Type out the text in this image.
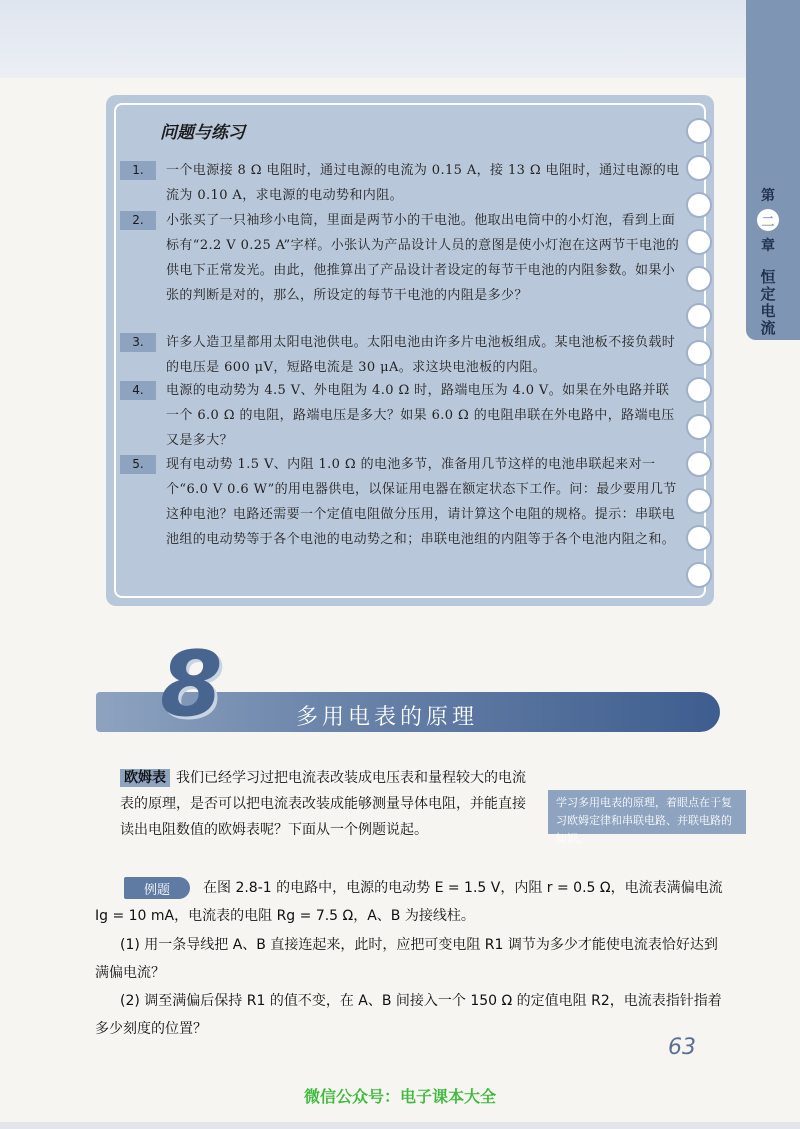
第
二
章
恒定电流
问题与练习
1.	一个电源接 8 Ω 电阻时，通过电源的电流为 0.15 A，接 13 Ω 电阻时，通过电源的电流为 0.10 A，求电源的电动势和内阻。
2.	小张买了一只袖珍小电筒，里面是两节小的干电池。他取出电筒中的小灯泡，看到上面标有“2.2 V 0.25 A”字样。小张认为产品设计人员的意图是使小灯泡在这两节干电池的供电下正常发光。由此，他推算出了产品设计者设定的每节干电池的内阻参数。如果小张的判断是对的，那么，所设定的每节干电池的内阻是多少？
3.	许多人造卫星都用太阳电池供电。太阳电池由许多片电池板组成。某电池板不接负载时的电压是 600 μV，短路电流是 30 μA。求这块电池板的内阻。
4.	电源的电动势为 4.5 V、外电阻为 4.0 Ω 时，路端电压为 4.0 V。如果在外电路并联一个 6.0 Ω 的电阻，路端电压是多大？如果 6.0 Ω 的电阻串联在外电路中，路端电压又是多大？
5.	现有电动势 1.5 V、内阻 1.0 Ω 的电池多节，准备用几节这样的电池串联起来对一个“6.0 V 0.6 W”的用电器供电，以保证用电器在额定状态下工作。问：最少要用几节这种电池？电路还需要一个定值电阻做分压用，请计算这个电阻的规格。提示：串联电池组的电动势等于各个电池的电动势之和；串联电池组的内阻等于各个电池内阻之和。
8	多用电表的原理
欧姆表 我们已经学习过把电流表改装成电压表和量程较大的电流表的原理，是否可以把电流表改装成能够测量导体电阻，并能直接读出电阻数值的欧姆表呢？下面从一个例题说起。
学习多用电表的原理，着眼点在于复习欧姆定律和串联电路、并联电路的知识。
在图 2.8-1 的电路中，电源的电动势 E = 1.5 V，内阻 r = 0.5 Ω，电流表满偏电流 Ig = 10 mA，电流表的电阻 Rg = 7.5 Ω，A、B 为接线柱。
例题
(1) 用一条导线把 A、B 直接连起来，此时，应把可变电阻 R1 调节为多少才能使电流表恰好达到满偏电流？
(2) 调至满偏后保持 R1 的值不变，在 A、B 间接入一个 150 Ω 的定值电阻 R2，电流表指针指着多少刻度的位置？
63
微信公众号：电子课本大全
